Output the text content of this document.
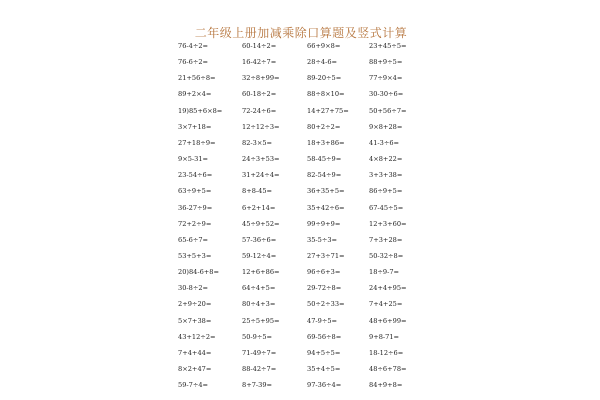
二年级上册加减乘除口算题及竖式计算
76-4÷2=	60-14÷2=	66+9×8=	23+45÷5=
76-6÷2=	16-42÷7=	28÷4-6=	88+9÷5=
21+56÷8=	32÷8+99=	89-20÷5=	77÷9×4=
89+2×4=	60-18÷2=	88÷8×10=	30-30÷6=
19)85+6×8=	72-24÷6=	14+27+75=	50+56÷7=
3×7+18=	12÷12÷3=	80+2÷2=	9×8+28=
27+18÷9=	82-3×5=	18+3+86=	41-3÷6=
9×5-31=	24÷3+53=	58-45÷9=	4×8+22=
23-54÷6=	31+24÷4=	82-54÷9=	3+3+38=
63÷9+5=	8+8-45=	36+35+5=	86÷9+5=
36-27÷9=	6+2+14=	35+42÷6=	67-45÷5=
72+2÷9=	45÷9+52=	99÷9+9=	12+3+60=
65-6÷7=	57-36÷6=	35-5÷3=	7+3+28=
53+5+3=	59-12÷4=	27+3÷71=	50-32÷8=
20)84-6+8=	12+6+86=	96÷6+3=	18÷9-7=
30-8÷2=	64÷4+5=	29-72÷8=	24+4+95=
2+9÷20=	80÷4+3=	50÷2÷33=	7+4+25=
5×7+38=	25÷5+95=	47-9÷5=	48+6+99=
43+12÷2=	50-9÷5=	69-56÷8=	9+8-71=
7+4+44=	71-49÷7=	94+5÷5=	18-12÷6=
8×2+47=	88-42÷7=	35+4÷5=	48÷6+78=
59-7÷4=	8+7-39=	97-36÷4=	84+9+8=
